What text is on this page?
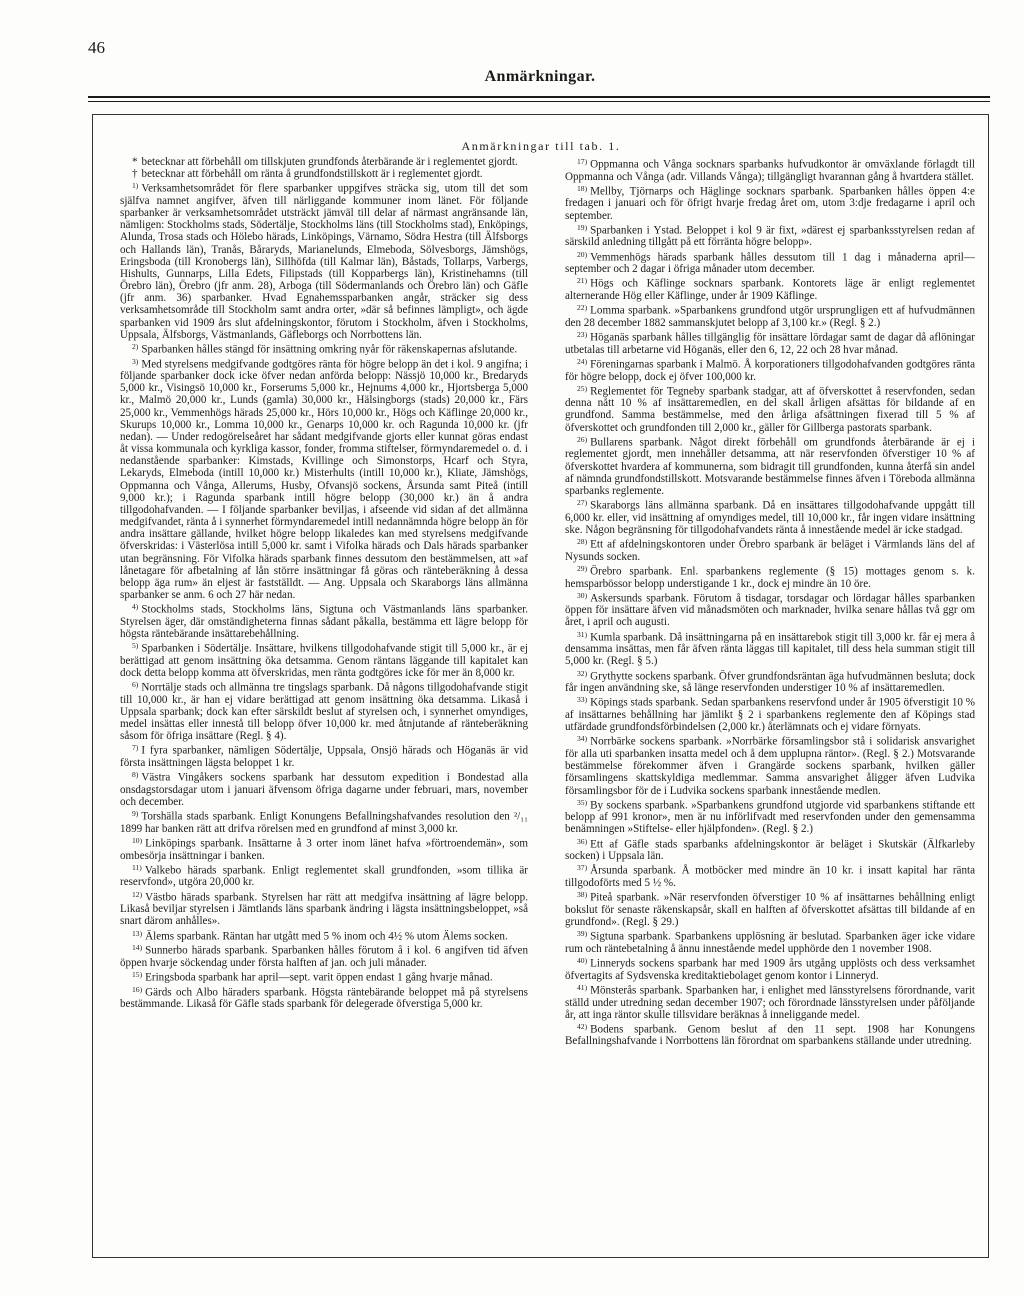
46
Anmärkningar.
Anmärkningar till tab. 1.

* betecknar att förbehåll om tillskjuten grundfonds återbärande är i reglementet gjordt.

† betecknar att förbehåll om ränta å grundfondstillskott är i reglementet gjordt.

$^{1)}$ Verksamhetsområdet för flere sparbanker uppgifves sträcka sig, utom till det som själfva namnet angifver, äfven till närliggande kommuner inom länet. För följande sparbanker är verksamhetsområdet utsträckt jämväl till delar af närmast angränsande län, nämligen: Stockholms stads, Södertälje, Stockholms läns (till Stockholms stad), Enköpings, Alunda, Trosa stads och Hölebo härads, Linköpings, Värnamo, Södra Hestra (till Älfsborgs och Hallands län), Tranås, Båraryds, Marianelunds, Elmeboda, Sölvesborgs, Jämshögs, Eringsboda (till Kronobergs län), Sillhöfda (till Kalmar län), Båstads, Tollarps, Varbergs, Hishults, Gunnarps, Lilla Edets, Filipstads (till Kopparbergs län), Kristinehamns (till Örebro län), Örebro (jfr anm. 28), Arboga (till Södermanlands och Örebro län) och Gäfle (jfr anm. 36) sparbanker. Hvad Egnahemssparbanken angår, sträcker sig dess verksamhetsområde till Stockholm samt andra orter, »där så befinnes lämpligt», och ägde sparbanken vid 1909 års slut afdelningskontor, förutom i Stockholm, äfven i Stockholms, Uppsala, Älfsborgs, Västmanlands, Gäfleborgs och Norrbottens län.

$^{2)}$ Sparbanken hålles stängd för insättning omkring nyår för räkenskapernas afslutande.

$^{3)}$ Med styrelsens medgifvande godtgöres ränta för högre belopp än det i kol. 9 angifna; i följande sparbanker dock icke öfver nedan anförda belopp: Nässjö 10,000 kr., Bredaryds 5,000 kr., Visingsö 10,000 kr., Forserums 5,000 kr., Hejnums 4,000 kr., Hjortsberga 5,000 kr., Malmö 20,000 kr., Lunds (gamla) 30,000 kr., Hälsingborgs (stads) 20,000 kr., Färs 25,000 kr., Vemmenhögs härads 25,000 kr., Hörs 10,000 kr., Högs och Käflinge 20,000 kr., Skurups 10,000 kr., Lomma 10,000 kr., Genarps 10,000 kr. och Ragunda 10,000 kr. (jfr nedan). — Under redogörelseåret har sådant medgifvande gjorts eller kunnat göras endast åt vissa kommunala och kyrkliga kassor, fonder, fromma stiftelser, förmyndaremedel o. d. i nedanstående sparbanker: Kimstads, Kvillinge och Simonstorps, Hcarf och Styra, Lekaryds, Elmeboda (intill 10,000 kr.) Misterhults (intill 10,000 kr.), Kliate, Jämshögs, Oppmanna och Vånga, Allerums, Husby, Ofvansjö sockens, Årsunda samt Piteå (intill 9,000 kr.); i Ragunda sparbank intill högre belopp (30,000 kr.) än å andra tillgodohafvanden. — I följande sparbanker beviljas, i afseende vid sidan af det allmänna medgifvandet, ränta å i synnerhet förmyndaremedel intill nedannämnda högre belopp än för andra insättare gällande, hvilket högre belopp likaledes kan med styrelsens medgifvande öfverskridas: i Västerlösa intill 5,000 kr. samt i Vifolka härads och Dals härads sparbanker utan begränsning. För Vifolka härads sparbank finnes dessutom den bestämmelsen, att »af lånetagare för afbetalning af lån större insättningar få göras och ränteberäkning å dessa belopp äga rum» än eljest är fastställdt. — Ang. Uppsala och Skaraborgs läns allmänna sparbanker se anm. 6 och 27 här nedan.

$^{4)}$ Stockholms stads, Stockholms läns, Sigtuna och Västmanlands läns sparbanker. Styrelsen äger, där omständigheterna finnas sådant påkalla, bestämma ett lägre belopp för högsta räntebärande insättarebehållning.

$^{5)}$ Sparbanken i Södertälje. Insättare, hvilkens tillgodohafvande stigit till 5,000 kr., är ej berättigad att genom insättning öka detsamma. Genom räntans läggande till kapitalet kan dock detta belopp komma att öfverskridas, men ränta godtgöres icke för mer än 8,000 kr.

$^{6)}$ Norrtälje stads och allmänna tre tingslags sparbank. Då någons tillgodohafvande stigit till 10,000 kr., är han ej vidare berättigad att genom insättning öka detsamma. Likaså i Uppsala sparbank; dock kan efter särskildt beslut af styrelsen och, i synnerhet omyndiges, medel insättas eller innestå till belopp öfver 10,000 kr. med åtnjutande af ränteberäkning såsom för öfriga insättare (Regl. § 4).

$^{7)}$ I fyra sparbanker, nämligen Södertälje, Uppsala, Onsjö härads och Höganäs är vid första insättningen lägsta beloppet 1 kr.

$^{8)}$ Västra Vingåkers sockens sparbank har dessutom expedition i Bondestad alla onsdagstorsdagar utom i januari äfvensom öfriga dagarne under februari, mars, november och december.

$^{9)}$ Torshälla stads sparbank. Enligt Konungens Befallningshafvandes resolution den ²/₁₁ 1899 har banken rätt att drifva rörelsen med en grundfond af minst 3,000 kr.

$^{10)}$ Linköpings sparbank. Insättarne å 3 orter inom länet hafva »förtroendemän», som ombesörja insättningar i banken.

$^{11)}$ Valkebo härads sparbank. Enligt reglementet skall grundfonden, »som tillika är reservfond», utgöra 20,000 kr.

$^{12)}$ Västbo härads sparbank. Styrelsen har rätt att medgifva insättning af lägre belopp. Likaså beviljar styrelsen i Jämtlands läns sparbank ändring i lägsta insättningsbeloppet, »så snart därom anhålles».

$^{13)}$ Älems sparbank. Räntan har utgått med 5 % inom och 4½ % utom Älems socken.

$^{14)}$ Sunnerbo härads sparbank. Sparbanken hålles förutom å i kol. 6 angifven tid äfven öppen hvarje söckendag under första halften af jan. och juli månader.

$^{15)}$ Eringsboda sparbank har april—sept. varit öppen endast 1 gång hvarje månad.

$^{16)}$ Gärds och Albo häraders sparbank. Högsta räntebärande beloppet må på styrelsens bestämmande. Likaså för Gäfle stads sparbank för delegerade öfverstiga 5,000 kr.

$^{17)}$ Oppmanna och Vånga socknars sparbanks hufvudkontor är omväxlande förlagdt till Oppmanna och Vånga (adr. Villands Vånga); tillgängligt hvarannan gång å hvartdera stället.

$^{18)}$ Mellby, Tjörnarps och Häglinge socknars sparbank. Sparbanken hålles öppen 4:e fredagen i januari och för öfrigt hvarje fredag året om, utom 3:dje fredagarne i april och september.

$^{19)}$ Sparbanken i Ystad. Beloppet i kol 9 är fixt, »därest ej sparbanksstyrelsen redan af särskild anledning tillgått på ett förränta högre belopp».

$^{20)}$ Vemmenhögs härads sparbank hålles dessutom till 1 dag i månaderna april—september och 2 dagar i öfriga månader utom december.

$^{21)}$ Högs och Käflinge socknars sparbank. Kontorets läge är enligt reglementet alternerande Hög eller Käflinge, under år 1909 Käflinge.

$^{22)}$ Lomma sparbank. »Sparbankens grundfond utgör ursprungligen ett af hufvudmännen den 28 december 1882 sammanskjutet belopp af 3,100 kr.» (Regl. § 2.)

$^{23)}$ Höganäs sparbank hålles tillgänglig för insättare lördagar samt de dagar då aflöningar utbetalas till arbetarne vid Höganäs, eller den 6, 12, 22 och 28 hvar månad.

$^{24)}$ Föreningarnas sparbank i Malmö. Å korporationers tillgodohafvanden godtgöres ränta för högre belopp, dock ej öfver 100,000 kr.

$^{25)}$ Reglementet för Tegneby sparbank stadgar, att af öfverskottet å reservfonden, sedan denna nått 10 % af insättaremedlen, en del skall årligen afsättas för bildande af en grundfond. Samma bestämmelse, med den årliga afsättningen fixerad till 5 % af öfverskottet och grundfonden till 2,000 kr., gäller för Gillberga pastorats sparbank.

$^{26)}$ Bullarens sparbank. Något direkt förbehåll om grundfonds återbärande är ej i reglementet gjordt, men innehåller detsamma, att när reservfonden öfverstiger 10 % af öfverskottet hvardera af kommunerna, som bidragit till grundfonden, kunna återfå sin andel af nämnda grundfondstillskott. Motsvarande bestämmelse finnes äfven i Töreboda allmänna sparbanks reglemente.

$^{27)}$ Skaraborgs läns allmänna sparbank. Då en insättares tillgodohafvande uppgått till 6,000 kr. eller, vid insättning af omyndiges medel, till 10,000 kr., får ingen vidare insättning ske. Någon begränsning för tillgodohafvandets ränta å innestående medel är icke stadgad.

$^{28)}$ Ett af afdelningskontoren under Örebro sparbank är beläget i Värmlands läns del af Nysunds socken.

$^{29)}$ Örebro sparbank. Enl. sparbankens reglemente (§ 15) mottages genom s. k. hemsparbössor belopp understigande 1 kr., dock ej mindre än 10 öre.

$^{30)}$ Askersunds sparbank. Förutom å tisdagar, torsdagar och lördagar hålles sparbanken öppen för insättare äfven vid månadsmöten och marknader, hvilka senare hållas två ggr om året, i april och augusti.

$^{31)}$ Kumla sparbank. Då insättningarna på en insättarebok stigit till 3,000 kr. får ej mera å densamma insättas, men får äfven ränta läggas till kapitalet, till dess hela summan stigit till 5,000 kr. (Regl. § 5.)

$^{32)}$ Grythytte sockens sparbank. Öfver grundfondsräntan äga hufvudmännen besluta; dock får ingen användning ske, så länge reservfonden understiger 10 % af insättaremedlen.

$^{33)}$ Köpings stads sparbank. Sedan sparbankens reservfond under år 1905 öfverstigit 10 % af insättarnes behållning har jämlikt § 2 i sparbankens reglemente den af Köpings stad utfärdade grundfondsförbindelsen (2,000 kr.) återlämnats och ej vidare förnyats.

$^{34)}$ Norrbärke sockens sparbank. »Norrbärke församlingsbor stå i solidarisk ansvarighet för alla uti sparbanken insatta medel och å dem upplupna räntor». (Regl. § 2.) Motsvarande bestämmelse förekommer äfven i Grangärde sockens sparbank, hvilken gäller församlingens skattskyldiga medlemmar. Samma ansvarighet åligger äfven Ludvika församlingsbor för de i Ludvika sockens sparbank innestående medlen.

$^{35)}$ By sockens sparbank. »Sparbankens grundfond utgjorde vid sparbankens stiftande ett belopp af 991 kronor», men är nu införlifvadt med reservfonden under den gemensamma benämningen »Stiftelse- eller hjälpfonden». (Regl. § 2.)

$^{36)}$ Ett af Gäfle stads sparbanks afdelningskontor är beläget i Skutskär (Älfkarleby socken) i Uppsala län.

$^{37)}$ Årsunda sparbank. Å motböcker med mindre än 10 kr. i insatt kapital har ränta tillgodoförts med 5 ½ %.

$^{38)}$ Piteå sparbank. »När reservfonden öfverstiger 10 % af insättarnes behållning enligt bokslut för senaste räkenskapsår, skall en halften af öfverskottet afsättas till bildande af en grundfond». (Regl. § 29.)

$^{39)}$ Sigtuna sparbank. Sparbankens upplösning är beslutad. Sparbanken äger icke vidare rum och räntebetalning å ännu innestående medel upphörde den 1 november 1908.

$^{40)}$ Linneryds sockens sparbank har med 1909 års utgång upplösts och dess verksamhet öfvertagits af Sydsvenska kreditaktiebolaget genom kontor i Linneryd.

$^{41)}$ Mönsterås sparbank. Sparbanken har, i enlighet med länsstyrelsens förordnande, varit ställd under utredning sedan december 1907; och förordnade länsstyrelsen under påföljande år, att inga räntor skulle tillsvidare beräknas å inneliggande medel.

$^{42)}$ Bodens sparbank. Genom beslut af den 11 sept. 1908 har Konungens Befallningshafvande i Norrbottens län förordnat om sparbankens ställande under utredning.
